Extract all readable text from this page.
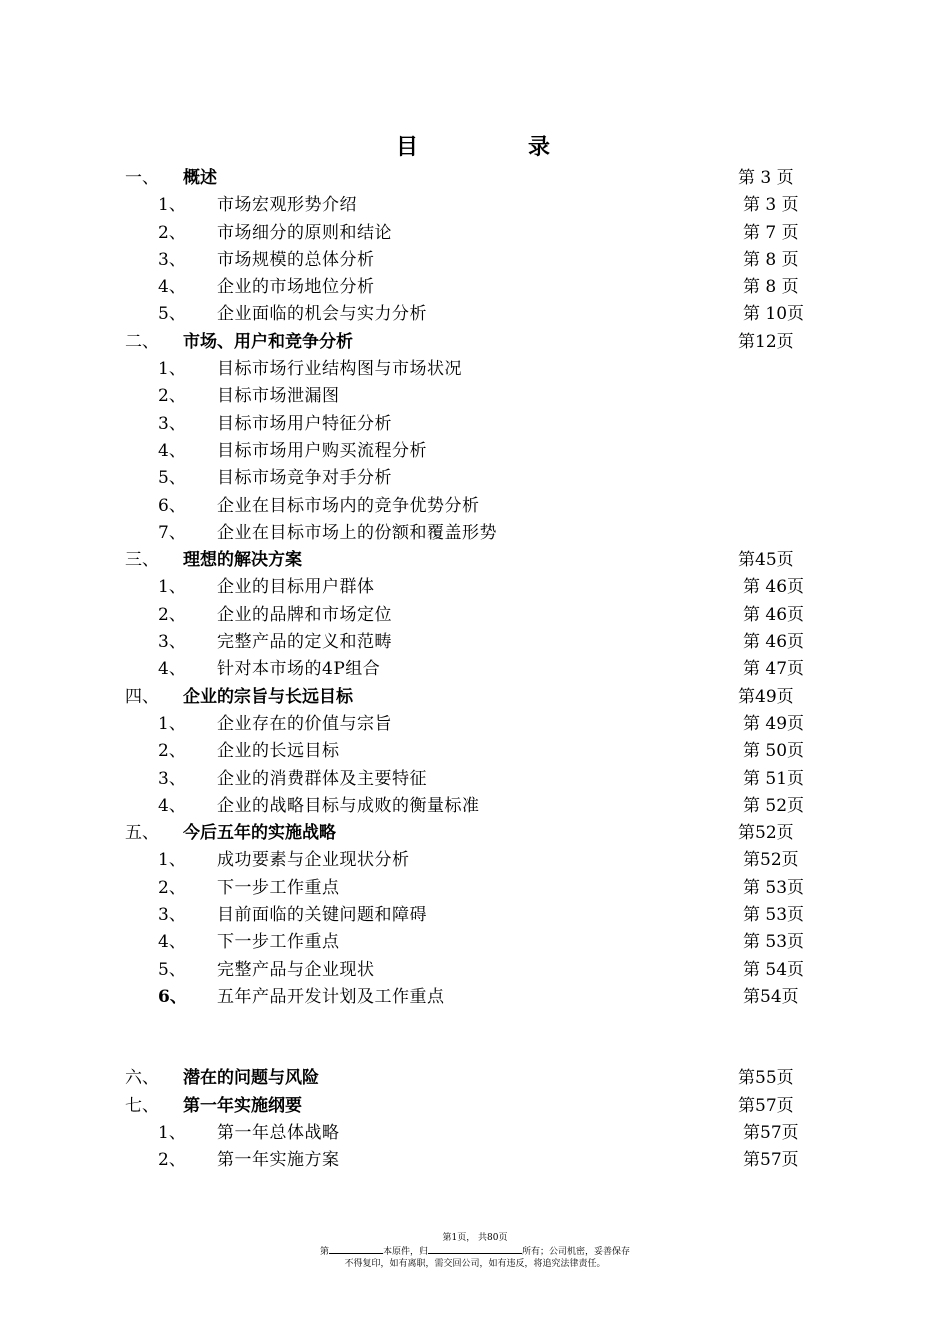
目　录
一、 概述	第 3 页
1、 市场宏观形势介绍	第 3 页
2、 市场细分的原则和结论	第 7 页
3、 市场规模的总体分析	第 8 页
4、 企业的市场地位分析	第 8 页
5、 企业面临的机会与实力分析	第 10页
二、 市场、用户和竞争分析	第12页
1、 目标市场行业结构图与市场状况
2、 目标市场泄漏图
3、 目标市场用户特征分析
4、 目标市场用户购买流程分析
5、 目标市场竞争对手分析
6、 企业在目标市场内的竞争优势分析
7、 企业在目标市场上的份额和覆盖形势
三、 理想的解决方案	第45页
1、 企业的目标用户群体	第 46页
2、 企业的品牌和市场定位	第 46页
3、 完整产品的定义和范畴	第 46页
4、 针对本市场的4P组合	第 47页
四、 企业的宗旨与长远目标	第49页
1、 企业存在的价值与宗旨	第 49页
2、 企业的长远目标	第 50页
3、 企业的消费群体及主要特征	第 51页
4、 企业的战略目标与成败的衡量标准	第 52页
五、 今后五年的实施战略	第52页
1、 成功要素与企业现状分析	第52页
2、 下一步工作重点	第 53页
3、 目前面临的关键问题和障碍	第 53页
4、 下一步工作重点	第 53页
5、 完整产品与企业现状	第 54页
6、 五年产品开发计划及工作重点	第54页
六、 潜在的问题与风险	第55页
七、 第一年实施纲要	第57页
1、 第一年总体战略	第57页
2、 第一年实施方案	第57页
第1页， 共80页
第	本原件，归	所有；公司机密，妥善保存
不得复印，如有离职，需交回公司，如有违反，将追究法律责任。
